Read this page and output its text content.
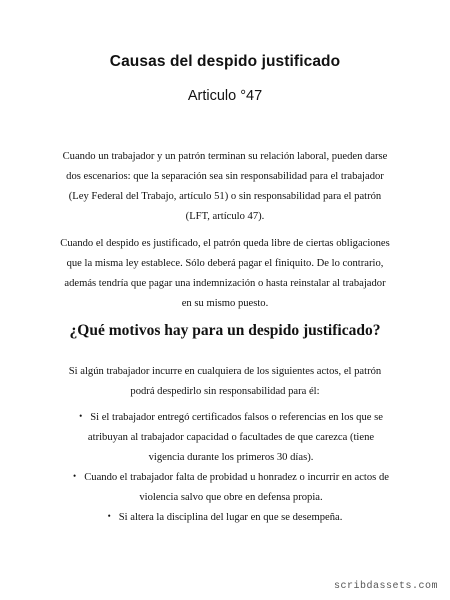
Causas del despido justificado
Articulo °47
Cuando un trabajador y un patrón terminan su relación laboral, pueden darse dos escenarios: que la separación sea sin responsabilidad para el trabajador (Ley Federal del Trabajo, artículo 51) o sin responsabilidad para el patrón (LFT, artículo 47).
Cuando el despido es justificado, el patrón queda libre de ciertas obligaciones que la misma ley establece. Sólo deberá pagar el finiquito. De lo contrario, además tendría que pagar una indemnización o hasta reinstalar al trabajador en su mismo puesto.
¿Qué motivos hay para un despido justificado?
Si algún trabajador incurre en cualquiera de los siguientes actos, el patrón podrá despedirlo sin responsabilidad para él:
• Si el trabajador entregó certificados falsos o referencias en los que se atribuyan al trabajador capacidad o facultades de que carezca (tiene vigencia durante los primeros 30 días).
• Cuando el trabajador falta de probidad u honradez o incurrir en actos de violencia salvo que obre en defensa propia.
• Si altera la disciplina del lugar en que se desempeña.
scribdassets.com
